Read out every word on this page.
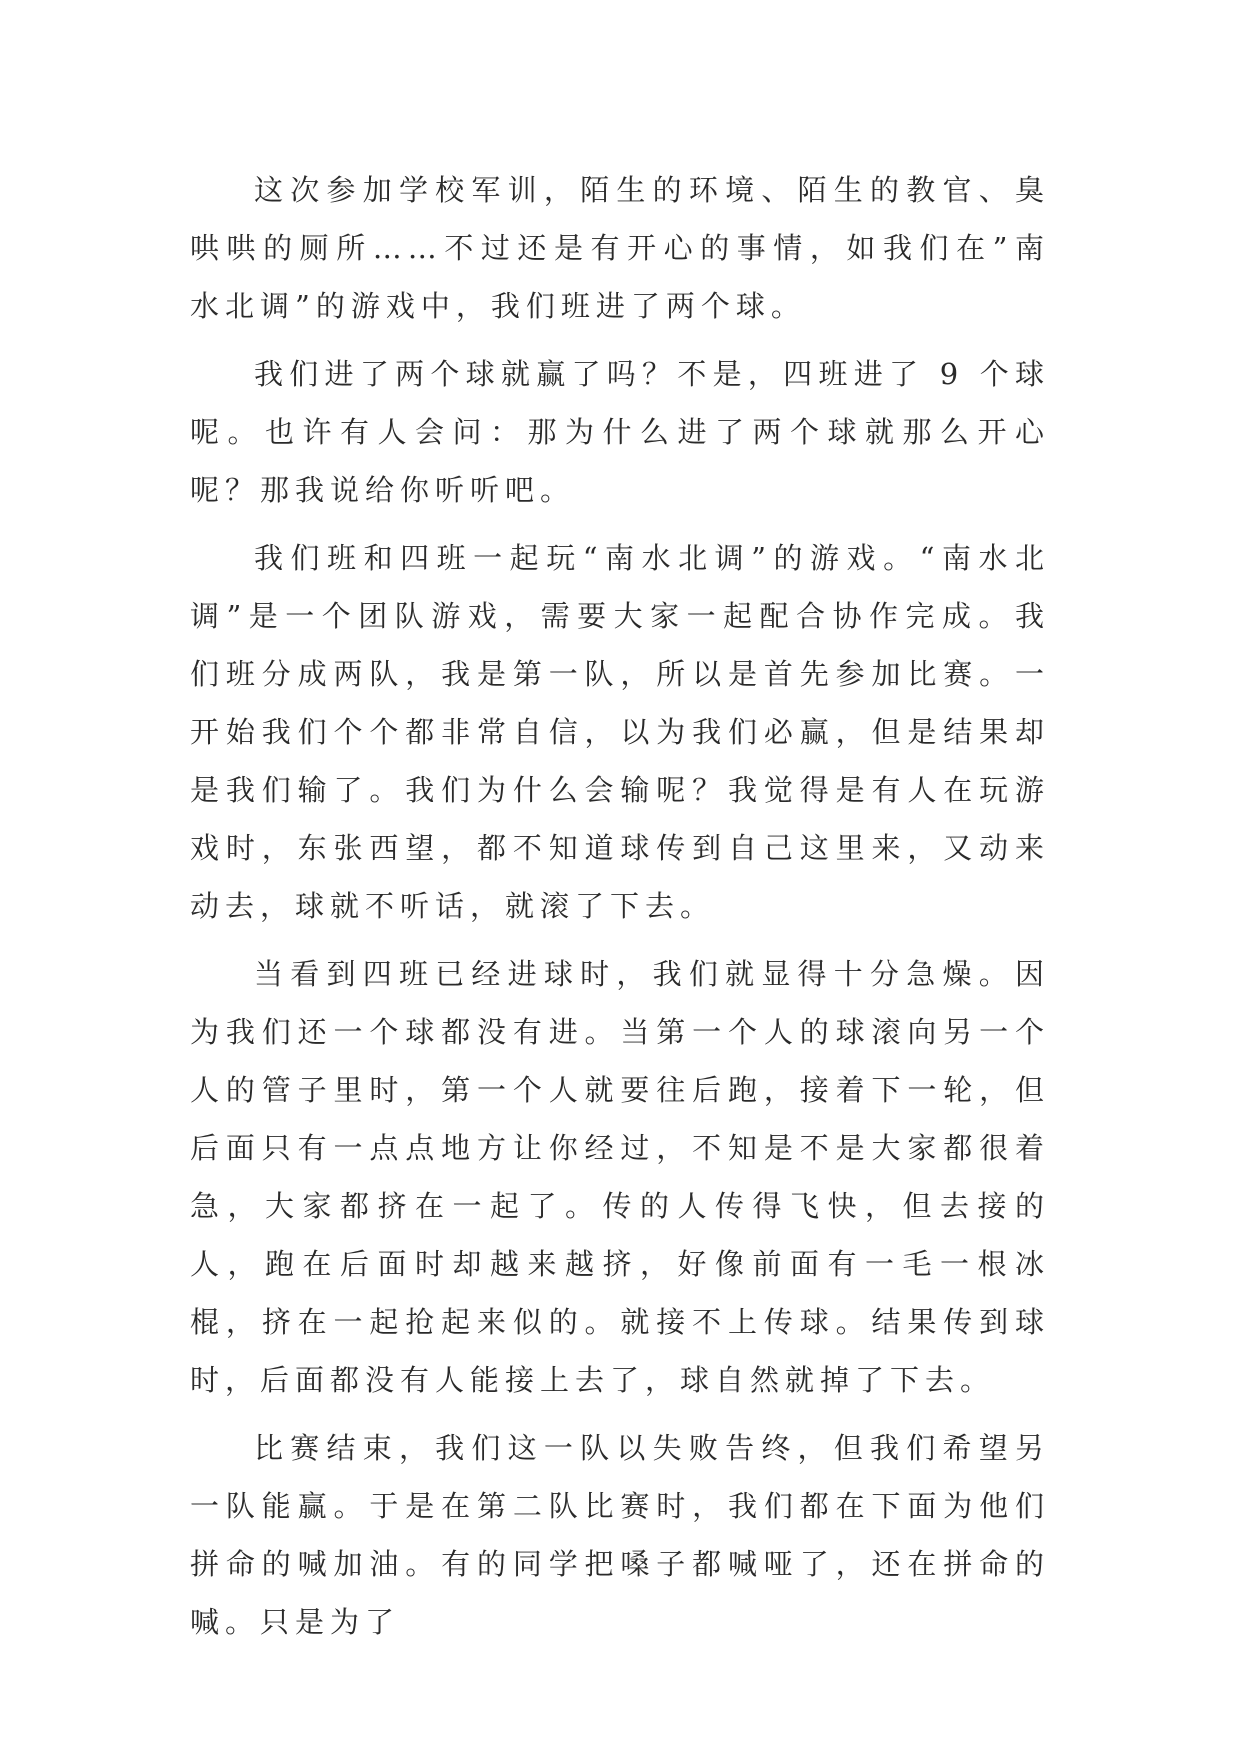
这次参加学校军训，陌生的环境、陌生的教官、臭哄哄的厕所……不过还是有开心的事情，如我们在”南水北调”的游戏中，我们班进了两个球。

我们进了两个球就赢了吗？不是，四班进了 9 个球呢。也许有人会问：那为什么进了两个球就那么开心呢？那我说给你听听吧。

我们班和四班一起玩“南水北调”的游戏。“南水北调”是一个团队游戏，需要大家一起配合协作完成。我们班分成两队，我是第一队，所以是首先参加比赛。一开始我们个个都非常自信，以为我们必赢，但是结果却是我们输了。我们为什么会输呢？我觉得是有人在玩游戏时，东张西望，都不知道球传到自己这里来，又动来动去，球就不听话，就滚了下去。

当看到四班已经进球时，我们就显得十分急燥。因为我们还一个球都没有进。当第一个人的球滚向另一个人的管子里时，第一个人就要往后跑，接着下一轮，但后面只有一点点地方让你经过，不知是不是大家都很着急，大家都挤在一起了。传的人传得飞快，但去接的人，跑在后面时却越来越挤，好像前面有一毛一根冰棍，挤在一起抢起来似的。就接不上传球。结果传到球时，后面都没有人能接上去了，球自然就掉了下去。

比赛结束，我们这一队以失败告终，但我们希望另一队能赢。于是在第二队比赛时，我们都在下面为他们拼命的喊加油。有的同学把嗓子都喊哑了，还在拼命的喊。只是为了
